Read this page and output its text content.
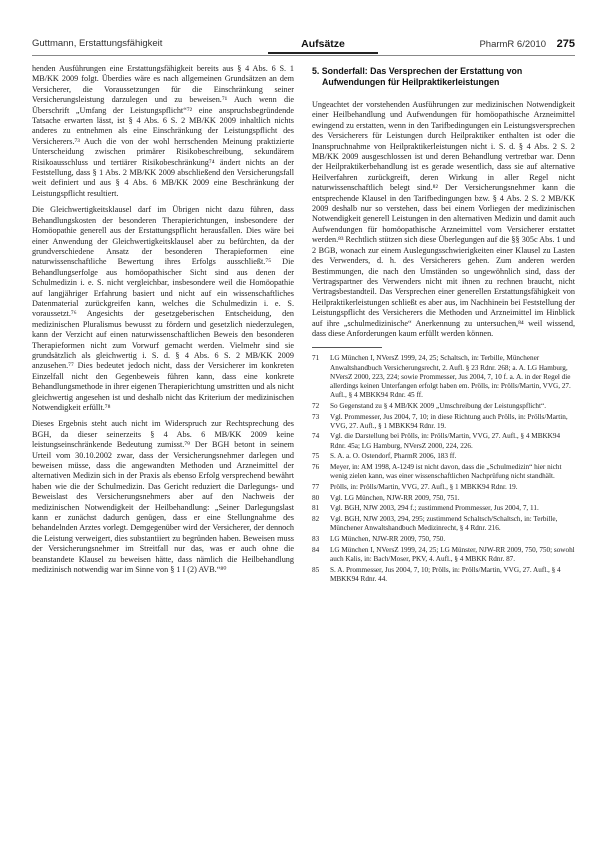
Guttmann, Erstattungsfähigkeit	Aufsätze	PharmR 6/2010 275

henden Ausführungen eine Erstattungsfähigkeit bereits aus § 4 Abs. 6 S. 1 MB/KK 2009 folgt. Überdies wäre es nach allgemeinen Grundsätzen an dem Versicherer, die Voraussetzungen für die Einschränkung seiner Versicherungsleistung darzulegen und zu beweisen.⁷¹ Auch wenn die Überschrift „Umfang der Leistungspflicht“⁷² eine anspruchsbegründende Tatsache erwarten lässt, ist § 4 Abs. 6 S. 2 MB/KK 2009 inhaltlich nichts anderes zu entnehmen als eine Einschränkung der Leistungspflicht des Versicherers.⁷³ Auch die von der wohl herrschenden Meinung praktizierte Unterscheidung zwischen primärer Risikobeschreibung, sekundärem Risikoausschluss und tertiärer Risikobeschränkung⁷⁴ ändert nichts an der Feststellung, dass § 1 Abs. 2 MB/KK 2009 abschließend den Versicherungsfall weit definiert und aus § 4 Abs. 6 MB/KK 2009 eine Beschränkung der Leistungspflicht resultiert.

Die Gleichwertigkeitsklausel darf im Übrigen nicht dazu führen, dass Behandlungskosten der besonderen Therapierichtungen, insbesondere der Homöopathie generell aus der Erstattungspflicht herausfallen. Dies wäre bei einer Anwendung der Gleichwertigkeitsklausel aber zu befürchten, da der grundverschiedene Ansatz der besonderen Therapieformen eine naturwissenschaftliche Bewertung ihres Erfolgs ausschließt.⁷⁵ Die Behandlungserfolge aus homöopathischer Sicht sind aus denen der Schulmedizin i. e. S. nicht vergleichbar, insbesondere weil die Homöopathie auf langjähriger Erfahrung basiert und nicht auf ein wissenschaftliches Datenmaterial zurückgreifen kann, welches die Schulmedizin i. e. S. voraussetzt.⁷⁶ Angesichts der gesetzgeberischen Entscheidung, den medizinischen Pluralismus bewusst zu fördern und gesetzlich niederzulegen, kann der Verzicht auf einen naturwissenschaftlichen Beweis den besonderen Therapieformen nicht zum Vorwurf gemacht werden. Vielmehr sind sie grundsätzlich als gleichwertig i. S. d. § 4 Abs. 6 S. 2 MB/KK 2009 anzusehen.⁷⁷ Dies bedeutet jedoch nicht, dass der Versicherer im konkreten Einzelfall nicht den Gegenbeweis führen kann, dass eine konkrete Behandlungsmethode in ihrer eigenen Therapierichtung umstritten und als nicht gleichwertig angesehen ist und deshalb nicht das Kriterium der medizinischen Notwendigkeit erfüllt.⁷⁸

Dieses Ergebnis steht auch nicht im Widerspruch zur Rechtsprechung des BGH, da dieser seinerzeits § 4 Abs. 6 MB/KK 2009 keine leistungseinschränkende Bedeutung zumisst.⁷⁹ Der BGH betont in seinem Urteil vom 30.10.2002 zwar, dass der Versicherungsnehmer darlegen und beweisen müsse, dass die angewandten Methoden und Arzneimittel der alternativen Medizin sich in der Praxis als ebenso Erfolg versprechend bewährt haben wie die der Schulmedizin. Das Gericht reduziert die Darlegungs- und Beweislast des Versicherungsnehmers aber auf den Nachweis der medizinischen Notwendigkeit der Heilbehandlung: „Seiner Darlegungslast kann er zunächst dadurch genügen, dass er eine Stellungnahme des behandelnden Arztes vorlegt. Demgegenüber wird der Versicherer, der dennoch die Leistung verweigert, dies substantiiert zu begründen haben. Beweisen muss der Versicherungsnehmer im Streitfall nur das, was er auch ohne die beanstandete Klausel zu beweisen hätte, dass nämlich die Heilbehandlung medizinisch notwendig war im Sinne von § 1 I (2) AVB.“⁸⁰

5. Sonderfall: Das Versprechen der Erstattung von Aufwendungen für Heilpraktikerleistungen

Ungeachtet der vorstehenden Ausführungen zur medizinischen Notwendigkeit einer Heilbehandlung und Aufwendungen für homöopathische Arzneimittel ewingend zu erstatten, wenn in den Tarifbedingungen ein Leistungsversprechen des Versicherers für Leistungen durch Heilpraktiker enthalten ist oder die Inanspruchnahme von Heilpraktikerleistungen nicht i. S. d. § 4 Abs. 2 S. 2 MB/KK 2009 ausgeschlossen ist und deren Behandlung vertretbar war. Denn der Heilpraktikerbehandlung ist es gerade wesentlich, dass sie auf alternative Heilverfahren zurückgreift, deren Wirkung in aller Regel nicht naturwissenschaftlich belegt sind.⁸² Der Versicherungsnehmer kann die entsprechende Klausel in den Tarifbedingungen bzw. § 4 Abs. 2 S. 2 MB/KK 2009 deshalb nur so verstehen, dass bei einem Vorliegen der medizinischen Notwendigkeit generell Leistungen in den alternativen Medizin und damit auch Aufwendungen für homöopathische Arzneimittel vom Versicherer erstattet werden.⁸³ Rechtlich stützen sich diese Überlegungen auf die §§ 305c Abs. 1 und 2 BGB, wonach zur einem Auslegungsschwierigkeiten einer Klausel zu Lasten des Verwenders, d. h. des Versicherers gehen. Zum anderen werden Bestimmungen, die nach den Umständen so ungewöhnlich sind, dass der Vertragspartner des Verwenders nicht mit ihnen zu rechnen braucht, nicht Vertragsbestandteil. Das Versprechen einer generellen Erstattungsfähigkeit von Heilpraktikerleistungen schließt es aber aus, im Nachhinein bei Feststellung der Leistungspflicht des Versicherers die Methoden und Arzneimittel im Hinblick auf ihre „schulmedizinische“ Anerkennung zu untersuchen,⁸⁴ weil wissend, dass diese Anforderungen kaum erfüllt werden können.

71	LG München I, NVersZ 1999, 24, 25; Schaltsch, in: Terbille, Münchener Anwaltshandbuch Versicherungsrecht, 2. Aufl. § 23 Rdnr. 268; a. A. LG Hamburg, NVersZ 2000, 223, 224; sowie Prommesser, Jus 2004, 7, 10 f. a. A. in der Regel die allerdings keinen Unterfangen erfolgt haben em. Prölls, in: Prölls/Martin, VVG, 27. Aufl., § 4 MBKK94 Rdnr. 45 ff.
72	So Gegenstand zu § 4 MB/KK 2009 „Umschreibung der Leistungspflicht“.
73	Vgl. Prommesser, Jus 2004, 7, 10; in diese Richtung auch Prölls, in: Prölls/Martin, VVG, 27. Aufl., § 1 MBKK94 Rdnr. 19.
74	Vgl. die Darstellung bei Prölls, in: Prölls/Martin, VVG, 27. Aufl., § 4 MBKK94 Rdnr. 45a; LG Hamburg, NVersZ 2000, 224, 226.
75	S. A. a. O. Ostendorf, PharmR 2006, 183 ff.
76	Meyer, in: AM 1998, A-1249 ist nicht davon, dass die „Schulmedizin“ hier nicht wenig zielen kann, was einer wissenschaftlichen Nachprüfung nicht standhält.
77	Prölls, in: Prölls/Martin, VVG, 27. Aufl., § 1 MBKK94 Rdnr. 19.
80	Vgl. LG München, NJW-RR 2009, 750, 751.
81	Vgl. BGH, NJW 2003, 294 f.; zustimmend Prommesser, Jus 2004, 7, 11.
82	Vgl. BGH, NJW 2003, 294, 295; zustimmend Schaltsch/Schaltsch, in: Terbille, Münchener Anwaltshandbuch Medizinrecht, § 4 Rdnr. 216.
83	LG München, NJW-RR 2009, 750, 750.
84	LG München I, NVersZ 1999, 24, 25; LG Münster, NJW-RR 2009, 750, 750; sowohl auch Kalis, in: Bach/Moser, PKV, 4. Aufl., § 4 MBKK Rdnr. 87.
85	S. A. Prommesser, Jus 2004, 7, 10; Prölls, in: Prölls/Martin, VVG, 27. Aufl., § 4 MBKK94 Rdnr. 44.
